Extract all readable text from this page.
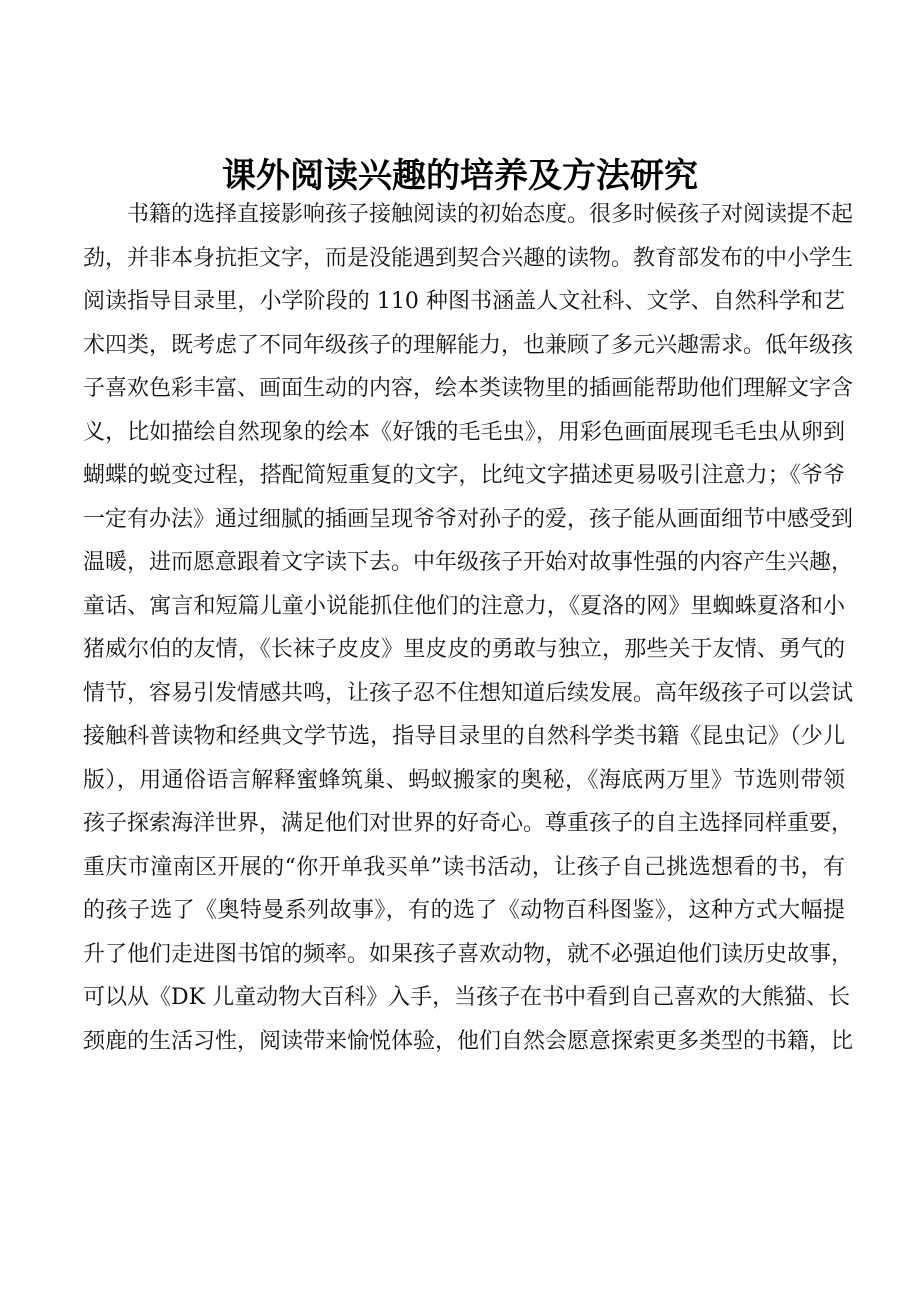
课外阅读兴趣的培养及方法研究
书籍的选择直接影响孩子接触阅读的初始态度。很多时候孩子对阅读提不起
劲，并非本身抗拒文字，而是没能遇到契合兴趣的读物。教育部发布的中小学生
阅读指导目录里，小学阶段的 110 种图书涵盖人文社科、文学、自然科学和艺
术四类，既考虑了不同年级孩子的理解能力，也兼顾了多元兴趣需求。低年级孩
子喜欢色彩丰富、画面生动的内容，绘本类读物里的插画能帮助他们理解文字含
义，比如描绘自然现象的绘本《好饿的毛毛虫》，用彩色画面展现毛毛虫从卵到
蝴蝶的蜕变过程，搭配简短重复的文字，比纯文字描述更易吸引注意力；《爷爷
一定有办法》通过细腻的插画呈现爷爷对孙子的爱，孩子能从画面细节中感受到
温暖，进而愿意跟着文字读下去。中年级孩子开始对故事性强的内容产生兴趣，
童话、寓言和短篇儿童小说能抓住他们的注意力，《夏洛的网》里蜘蛛夏洛和小
猪威尔伯的友情，《长袜子皮皮》里皮皮的勇敢与独立，那些关于友情、勇气的
情节，容易引发情感共鸣，让孩子忍不住想知道后续发展。高年级孩子可以尝试
接触科普读物和经典文学节选，指导目录里的自然科学类书籍《昆虫记》（少儿
版），用通俗语言解释蜜蜂筑巢、蚂蚁搬家的奥秘，《海底两万里》节选则带领
孩子探索海洋世界，满足他们对世界的好奇心。尊重孩子的自主选择同样重要，
重庆市潼南区开展的“你开单我买单”读书活动，让孩子自己挑选想看的书，有
的孩子选了《奥特曼系列故事》，有的选了《动物百科图鉴》，这种方式大幅提
升了他们走进图书馆的频率。如果孩子喜欢动物，就不必强迫他们读历史故事，
可以从《DK 儿童动物大百科》入手，当孩子在书中看到自己喜欢的大熊猫、长
颈鹿的生活习性，阅读带来愉悦体验，他们自然会愿意探索更多类型的书籍，比
